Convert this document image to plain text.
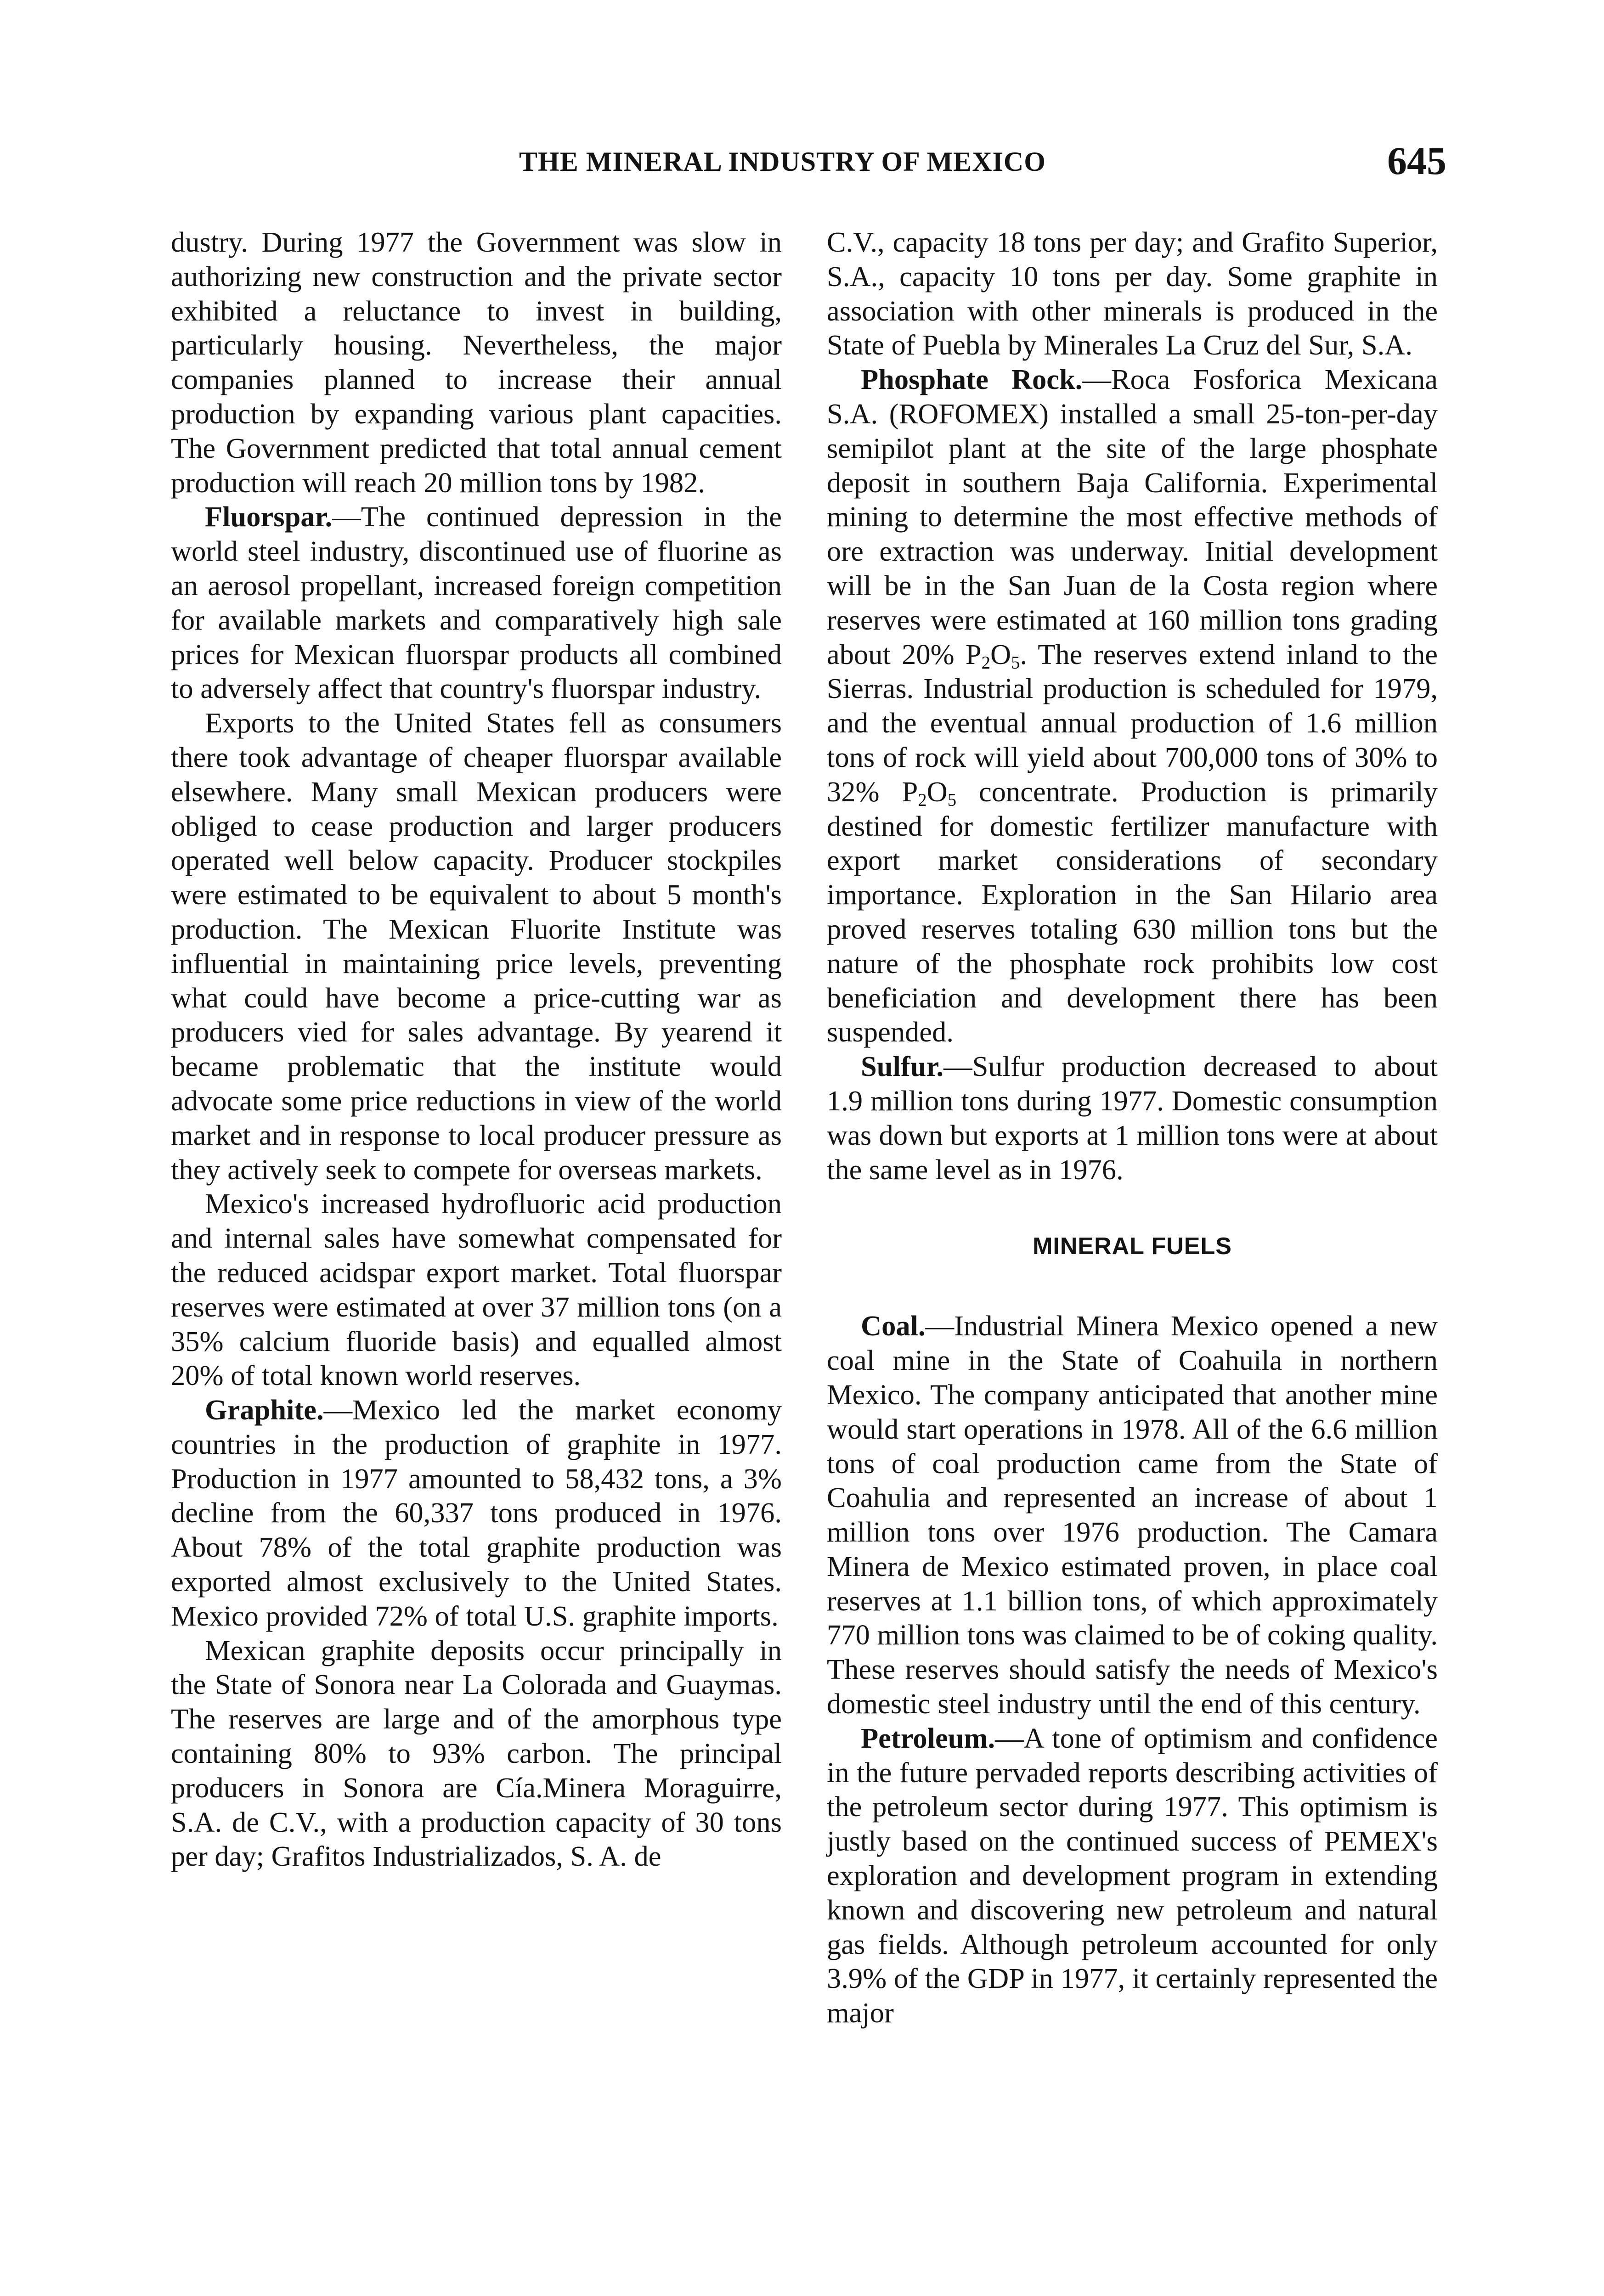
THE MINERAL INDUSTRY OF MEXICO	645

dustry. During 1977 the Government was slow in authorizing new construction and the private sector exhibited a reluctance to invest in building, particularly housing. Nevertheless, the major companies planned to increase their annual production by expanding various plant capacities. The Government predicted that total annual cement production will reach 20 million tons by 1982.

Fluorspar.—The continued depression in the world steel industry, discontinued use of fluorine as an aerosol propellant, increased foreign competition for available markets and comparatively high sale prices for Mexican fluorspar products all combined to adversely affect that country's fluorspar industry.

Exports to the United States fell as consumers there took advantage of cheaper fluorspar available elsewhere. Many small Mexican producers were obliged to cease production and larger producers operated well below capacity. Producer stockpiles were estimated to be equivalent to about 5 month's production. The Mexican Fluorite Institute was influential in maintaining price levels, preventing what could have become a price-cutting war as producers vied for sales advantage. By yearend it became problematic that the institute would advocate some price reductions in view of the world market and in response to local producer pressure as they actively seek to compete for overseas markets.

Mexico's increased hydrofluoric acid production and internal sales have somewhat compensated for the reduced acidspar export market. Total fluorspar reserves were estimated at over 37 million tons (on a 35% calcium fluoride basis) and equalled almost 20% of total known world reserves.

Graphite.—Mexico led the market economy countries in the production of graphite in 1977. Production in 1977 amounted to 58,432 tons, a 3% decline from the 60,337 tons produced in 1976. About 78% of the total graphite production was exported almost exclusively to the United States. Mexico provided 72% of total U.S. graphite imports.

Mexican graphite deposits occur principally in the State of Sonora near La Colorada and Guaymas. The reserves are large and of the amorphous type containing 80% to 93% carbon. The principal producers in Sonora are Cía.Minera Moraguirre, S.A. de C.V., with a production capacity of 30 tons per day; Grafitos Industrializados, S. A. de

C.V., capacity 18 tons per day; and Grafito Superior, S.A., capacity 10 tons per day. Some graphite in association with other minerals is produced in the State of Puebla by Minerales La Cruz del Sur, S.A.

Phosphate Rock.—Roca Fosforica Mexicana S.A. (ROFOMEX) installed a small 25-ton-per-day semipilot plant at the site of the large phosphate deposit in southern Baja California. Experimental mining to determine the most effective methods of ore extraction was underway. Initial development will be in the San Juan de la Costa region where reserves were estimated at 160 million tons grading about 20% $P_2O_5$. The reserves extend inland to the Sierras. Industrial production is scheduled for 1979, and the eventual annual production of 1.6 million tons of rock will yield about 700,000 tons of 30% to 32% $P_2O_5$ concentrate. Production is primarily destined for domestic fertilizer manufacture with export market considerations of secondary importance. Exploration in the San Hilario area proved reserves totaling 630 million tons but the nature of the phosphate rock prohibits low cost beneficiation and development there has been suspended.

Sulfur.—Sulfur production decreased to about 1.9 million tons during 1977. Domestic consumption was down but exports at 1 million tons were at about the same level as in 1976.

MINERAL FUELS

Coal.—Industrial Minera Mexico opened a new coal mine in the State of Coahuila in northern Mexico. The company anticipated that another mine would start operations in 1978. All of the 6.6 million tons of coal production came from the State of Coahulia and represented an increase of about 1 million tons over 1976 production. The Camara Minera de Mexico estimated proven, in place coal reserves at 1.1 billion tons, of which approximately 770 million tons was claimed to be of coking quality. These reserves should satisfy the needs of Mexico's domestic steel industry until the end of this century.

Petroleum.—A tone of optimism and confidence in the future pervaded reports describing activities of the petroleum sector during 1977. This optimism is justly based on the continued success of PEMEX's exploration and development program in extending known and discovering new petroleum and natural gas fields. Although petroleum accounted for only 3.9% of the GDP in 1977, it certainly represented the major
